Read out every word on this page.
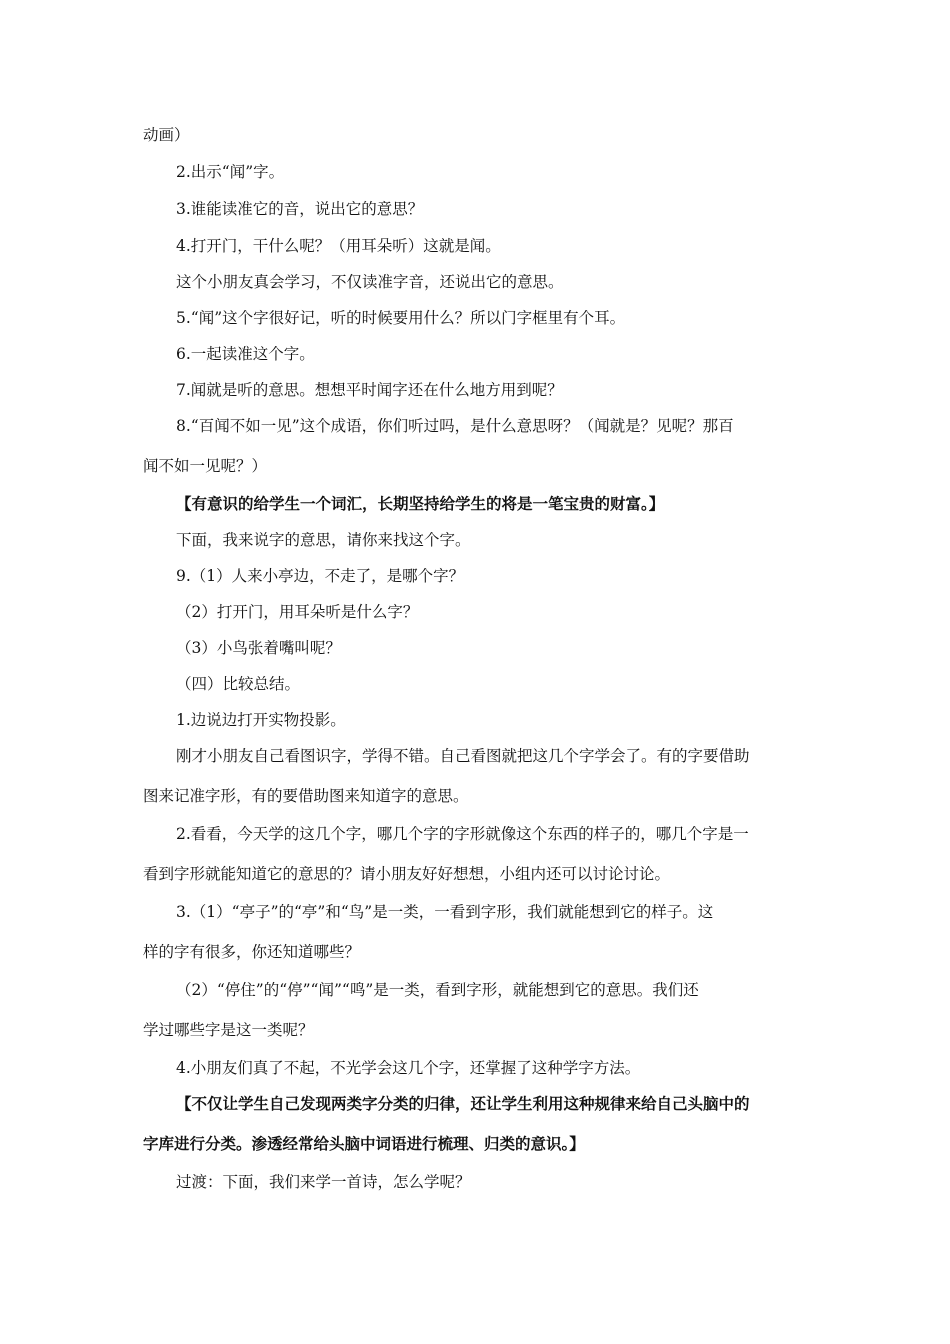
动画）
2.出示“闻”字。
3.谁能读准它的音，说出它的意思？
4.打开门，干什么呢？（用耳朵听）这就是闻。
这个小朋友真会学习，不仅读准字音，还说出它的意思。
5.“闻”这个字很好记，听的时候要用什么？所以门字框里有个耳。
6.一起读准这个字。
7.闻就是听的意思。想想平时闻字还在什么地方用到呢？
8.“百闻不如一见”这个成语，你们听过吗，是什么意思呀？（闻就是？见呢？那百
闻不如一见呢？）
【有意识的给学生一个词汇，长期坚持给学生的将是一笔宝贵的财富。】
下面，我来说字的意思，请你来找这个字。
9.（1）人来小亭边，不走了，是哪个字？
（2）打开门，用耳朵听是什么字？
（3）小鸟张着嘴叫呢？
（四）比较总结。
1.边说边打开实物投影。
刚才小朋友自己看图识字，学得不错。自己看图就把这几个字学会了。有的字要借助
图来记准字形，有的要借助图来知道字的意思。
2.看看，今天学的这几个字，哪几个字的字形就像这个东西的样子的，哪几个字是一
看到字形就能知道它的意思的？请小朋友好好想想，小组内还可以讨论讨论。
3.（1）“亭子”的“亭”和“鸟”是一类，一看到字形，我们就能想到它的样子。这
样的字有很多，你还知道哪些？
（2）“停住”的“停”“闻”“鸣”是一类，看到字形，就能想到它的意思。我们还
学过哪些字是这一类呢？
4.小朋友们真了不起，不光学会这几个字，还掌握了这种学字方法。
【不仅让学生自己发现两类字分类的归律，还让学生利用这种规律来给自己头脑中的
字库进行分类。渗透经常给头脑中词语进行梳理、归类的意识。】
过渡：下面，我们来学一首诗，怎么学呢？
